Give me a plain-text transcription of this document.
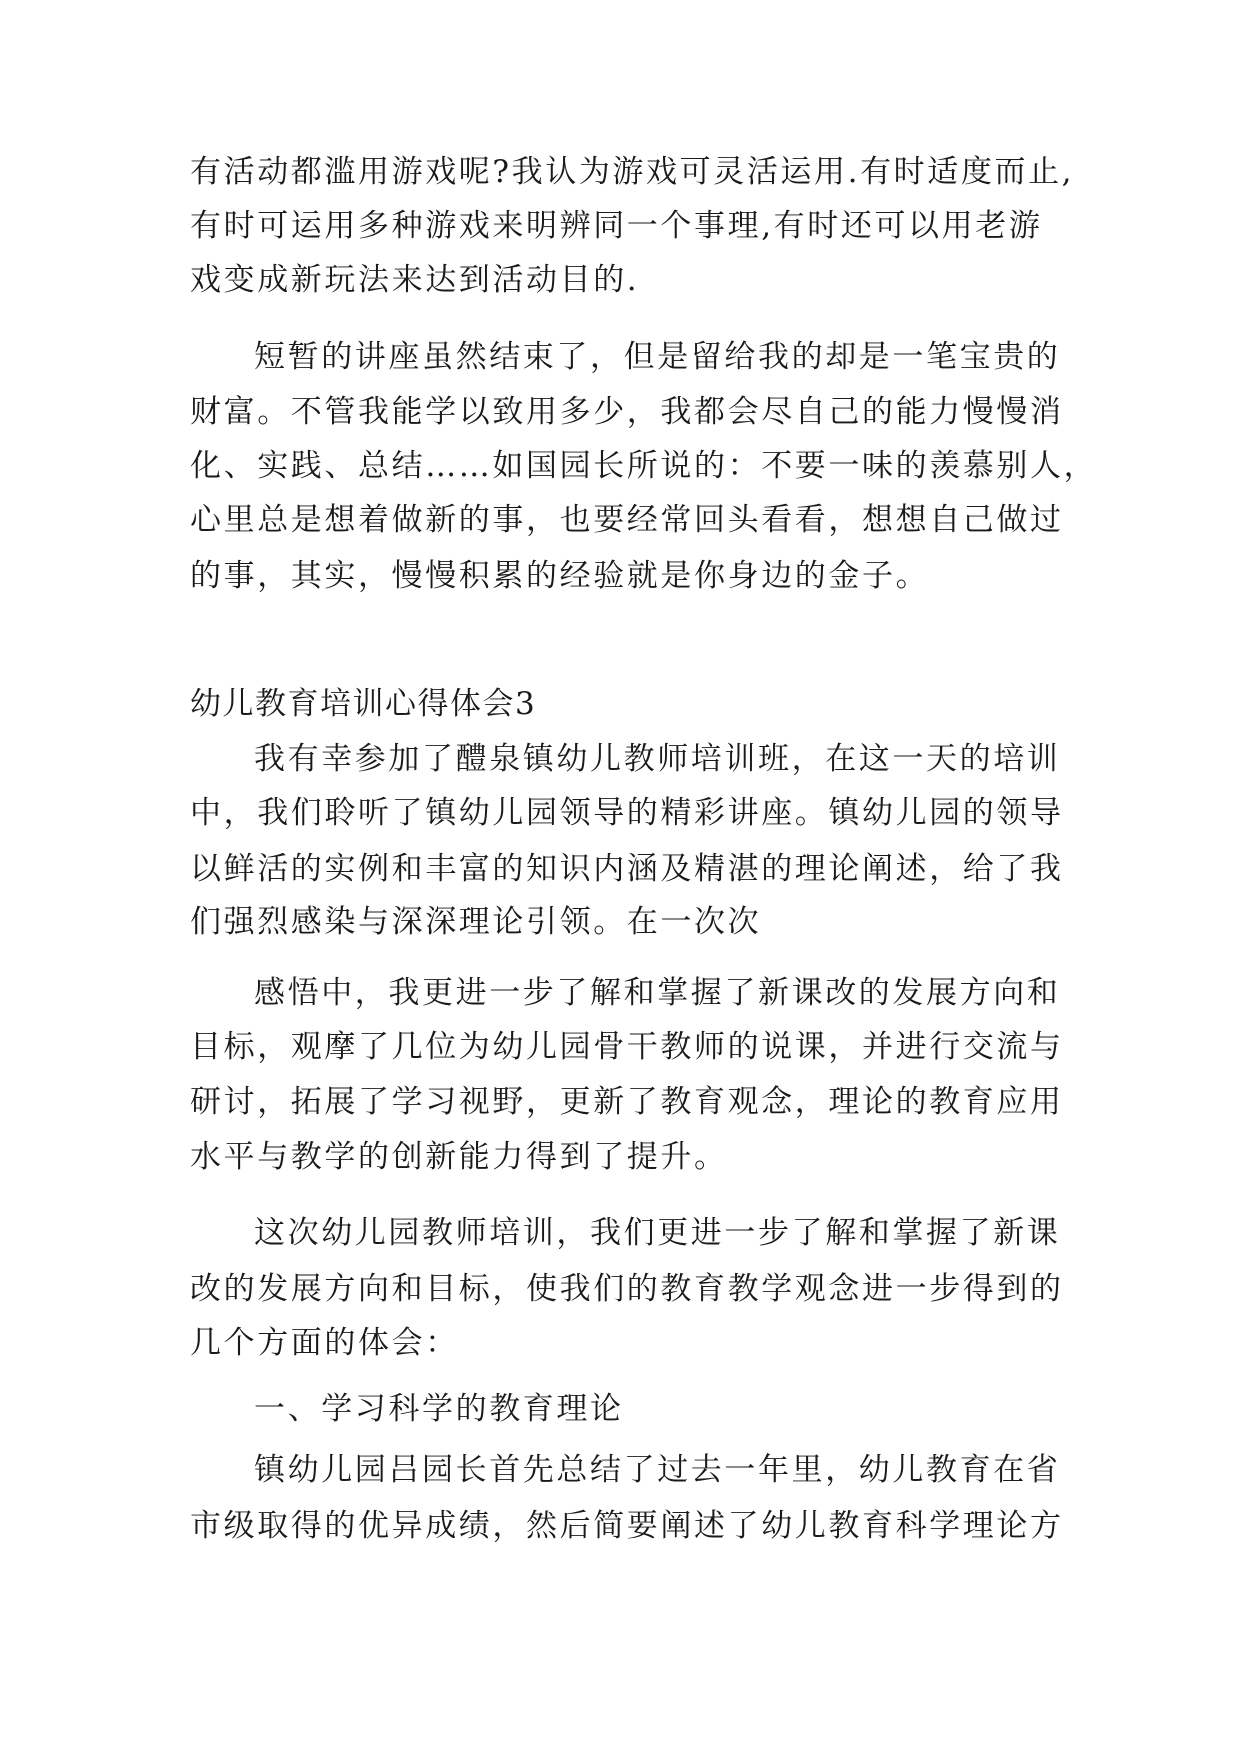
有活动都滥用游戏呢?我认为游戏可灵活运用.有时适度而止,
有时可运用多种游戏来明辨同一个事理,有时还可以用老游
戏变成新玩法来达到活动目的.
短暂的讲座虽然结束了，但是留给我的却是一笔宝贵的
财富。不管我能学以致用多少，我都会尽自己的能力慢慢消
化、实践、总结……如国园长所说的：不要一味的羡慕别人，
心里总是想着做新的事，也要经常回头看看，想想自己做过
的事，其实，慢慢积累的经验就是你身边的金子。
幼儿教育培训心得体会3
我有幸参加了醴泉镇幼儿教师培训班，在这一天的培训
中，我们聆听了镇幼儿园领导的精彩讲座。镇幼儿园的领导
以鲜活的实例和丰富的知识内涵及精湛的理论阐述，给了我
们强烈感染与深深理论引领。在一次次
感悟中，我更进一步了解和掌握了新课改的发展方向和
目标，观摩了几位为幼儿园骨干教师的说课，并进行交流与
研讨，拓展了学习视野，更新了教育观念，理论的教育应用
水平与教学的创新能力得到了提升。
这次幼儿园教师培训，我们更进一步了解和掌握了新课
改的发展方向和目标，使我们的教育教学观念进一步得到的
几个方面的体会：
一、学习科学的教育理论
镇幼儿园吕园长首先总结了过去一年里，幼儿教育在省
市级取得的优异成绩，然后简要阐述了幼儿教育科学理论方
